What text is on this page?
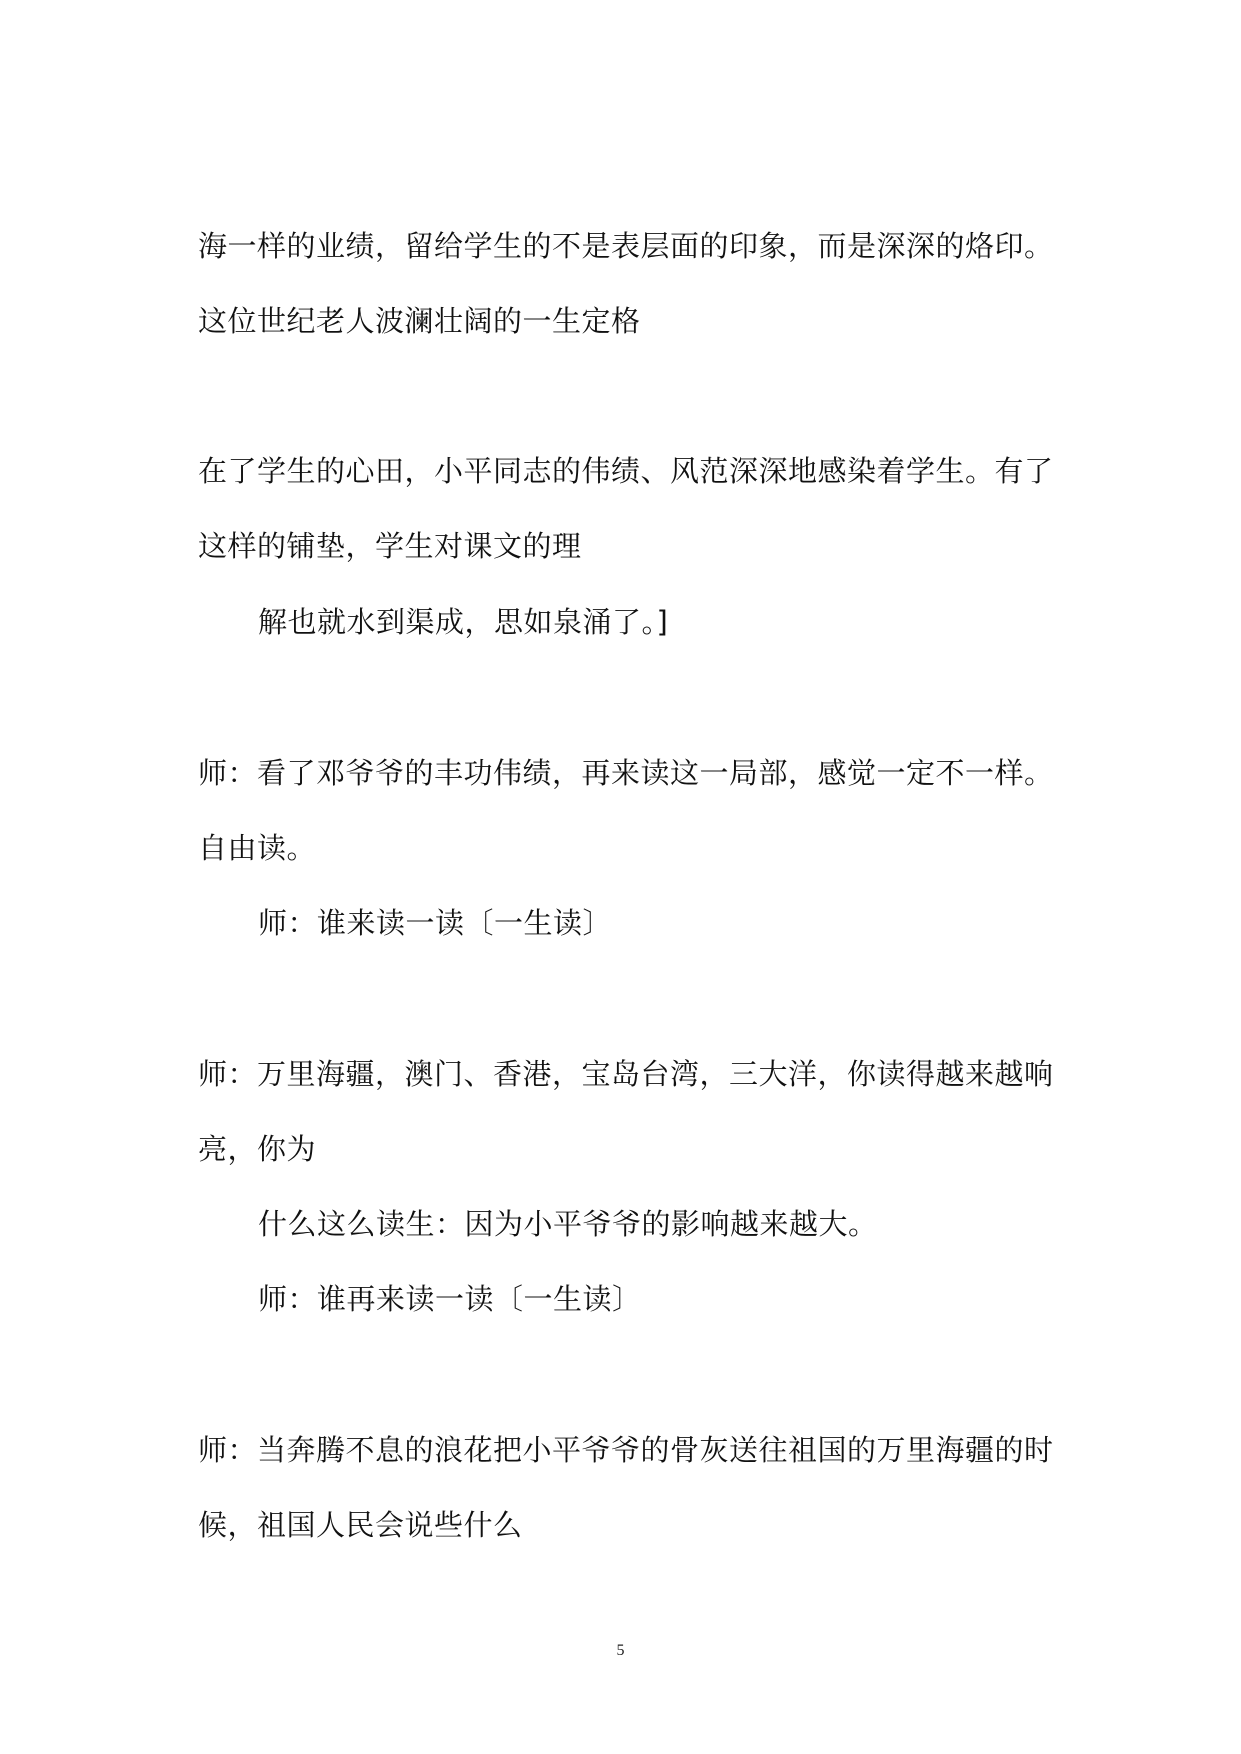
海一样的业绩，留给学生的不是表层面的印象，而是深深的烙印。
这位世纪老人波澜壮阔的一生定格
在了学生的心田，小平同志的伟绩、风范深深地感染着学生。有了
这样的铺垫，学生对课文的理
解也就水到渠成，思如泉涌了。]
师：看了邓爷爷的丰功伟绩，再来读这一局部，感觉一定不一样。
自由读。
师：谁来读一读〔一生读〕
师：万里海疆，澳门、香港，宝岛台湾，三大洋，你读得越来越响
亮，你为
什么这么读生：因为小平爷爷的影响越来越大。
师：谁再来读一读〔一生读〕
师：当奔腾不息的浪花把小平爷爷的骨灰送往祖国的万里海疆的时
候，祖国人民会说些什么
5
